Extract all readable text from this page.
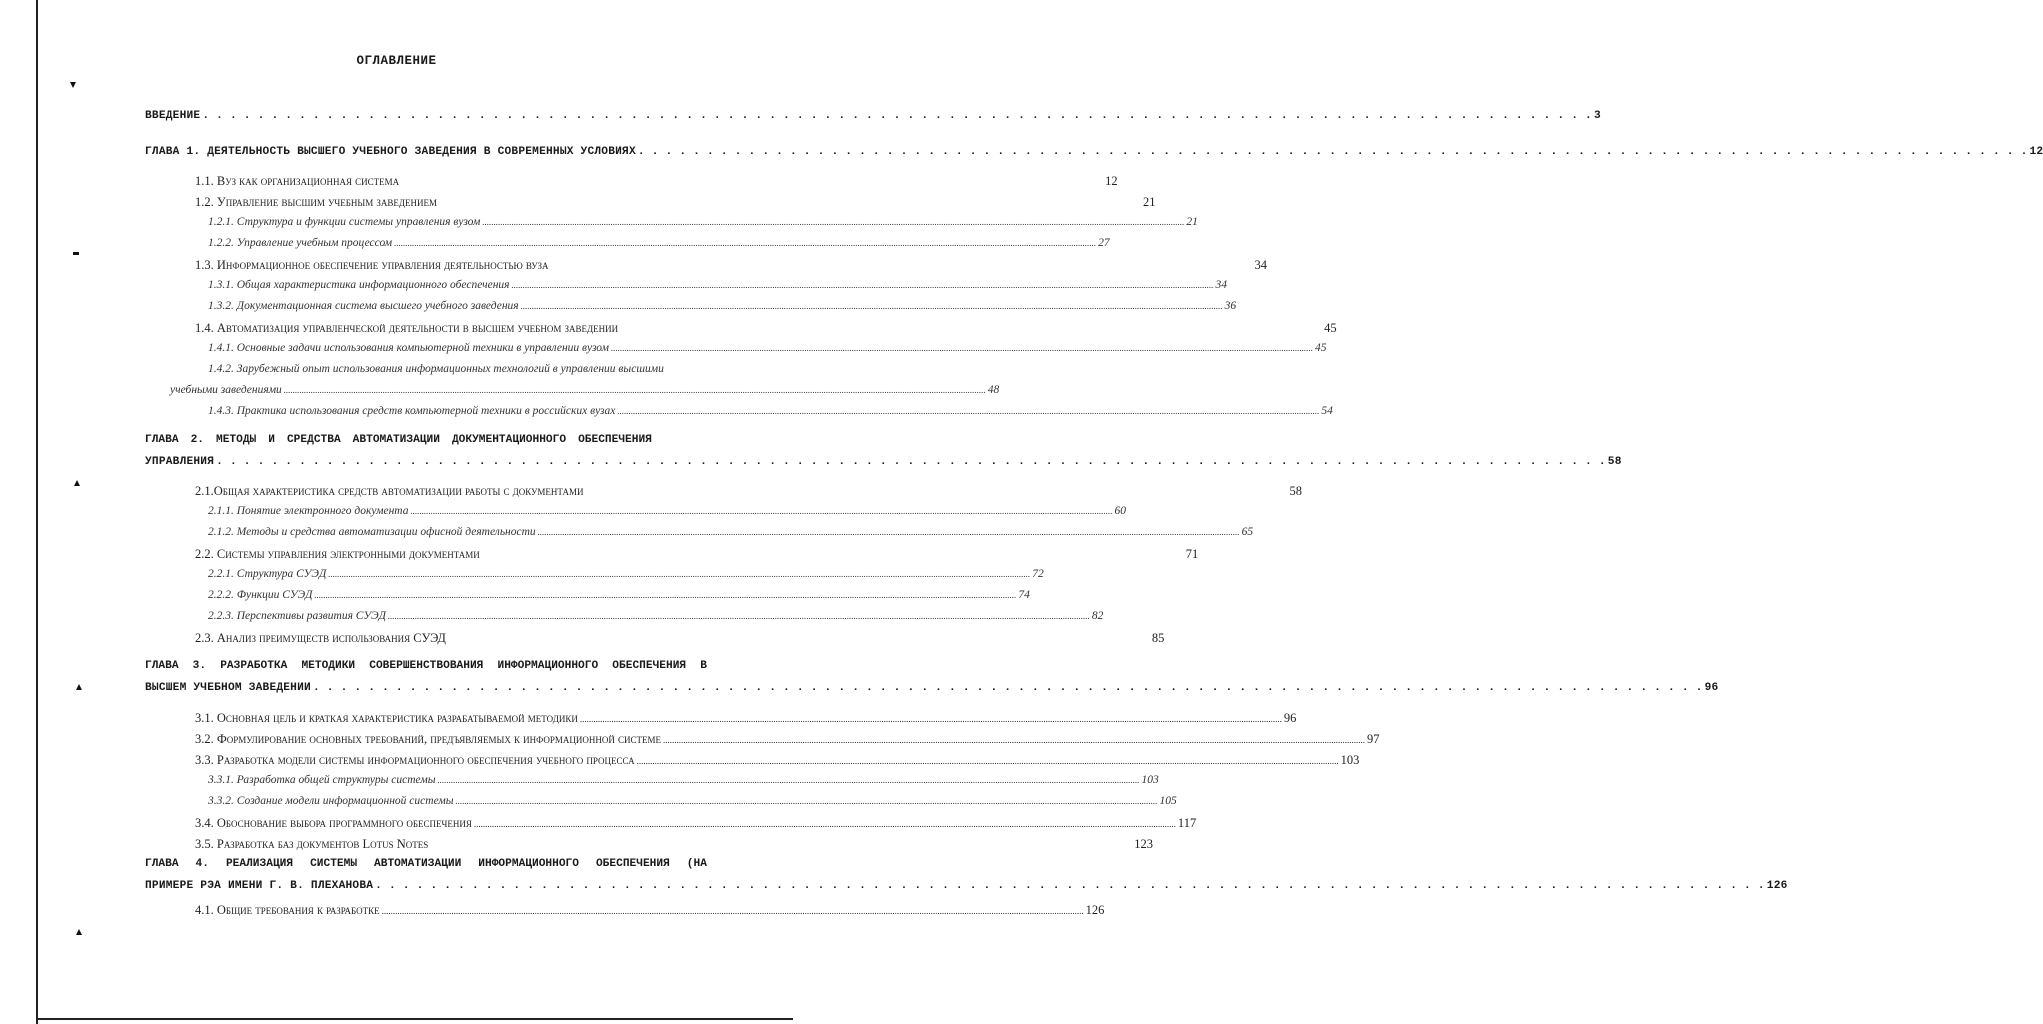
ОГЛАВЛЕНИЕ
ВВЕДЕНИЕ . . .	3
ГЛАВА 1. ДЕЯТЕЛЬНОСТЬ ВЫСШЕГО УЧЕБНОГО ЗАВЕДЕНИЯ В СОВРЕМЕННЫХ УСЛОВИЯХ . . .	12
1.1. Вуз как организационная система	12
1.2. Управление высшим учебным заведением	21
1.2.1. Структура и функции системы управления вузом .....	21
1.2.2. Управление учебным процессом .....	27
1.3. Информационное обеспечение управления деятельностью вуза	34
1.3.1. Общая характеристика информационного обеспечения .....	34
1.3.2. Документационная система высшего учебного заведения .....	36
1.4. Автоматизация управленческой деятельности в высшем учебном заведении	45
1.4.1. Основные задачи использования компьютерной техники в управлении вузом .....	45
1.4.2. Зарубежный опыт использования информационных технологий в управлении высшими
учебными заведениями .....	48
1.4.3. Практика использования средств компьютерной техники в российских вузах .....	54
ГЛАВА 2. МЕТОДЫ И СРЕДСТВА АВТОМАТИЗАЦИИ ДОКУМЕНТАЦИОННОГО ОБЕСПЕЧЕНИЯ
УПРАВЛЕНИЯ . . .	58
2.1.Общая характеристика средств автоматизации работы с документами	58
2.1.1. Понятие электронного документа .....	60
2.1.2. Методы и средства автоматизации офисной деятельности .....	65
2.2. Системы управления электронными документами	71
2.2.1. Структура СУЭД .....	72
2.2.2. Функции СУЭД .....	74
2.2.3. Перспективы развития СУЭД .....	82
2.3. Анализ преимуществ использования СУЭД	85
ГЛАВА 3. РАЗРАБОТКА МЕТОДИКИ СОВЕРШЕНСТВОВАНИЯ ИНФОРМАЦИОННОГО ОБЕСПЕЧЕНИЯ В
ВЫСШЕМ УЧЕБНОМ ЗАВЕДЕНИИ . . .	96
3.1. Основная цель и краткая характеристика разрабатываемой методики .....	96
3.2. Формулирование основных требований, предъявляемых к информационной системе .....	97
3.3. Разработка модели системы информационного обеспечения учебного процесса .....	103
3.3.1. Разработка общей структуры системы .....	103
3.3.2. Создание модели информационной системы .....	105
3.4. Обоснование выбора программного обеспечения .....	117
3.5. Разработка баз документов Lotus Notes	123
ГЛАВА 4. РЕАЛИЗАЦИЯ СИСТЕМЫ АВТОМАТИЗАЦИИ ИНФОРМАЦИОННОГО ОБЕСПЕЧЕНИЯ (НА
ПРИМЕРЕ РЭА ИМЕНИ Г. В. ПЛЕХАНОВА . . .	126
4.1. Общие требования к разработке .....	126
